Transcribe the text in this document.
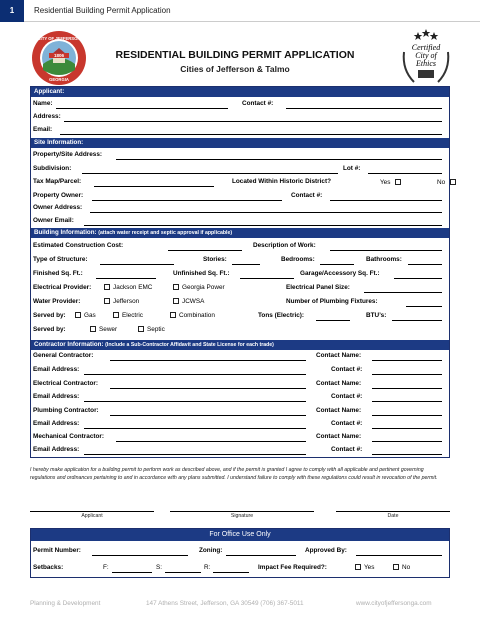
1	Residential Building Permit Application
1806
CITY OF JEFFERSON
GEORGIA
RESIDENTIAL BUILDING PERMIT APPLICATION
Cities of Jefferson & Talmo
Certified
City of
Ethics
Applicant:
Name:	Contact #:
Address:
Email:
Site Information:
Property/Site Address:
Subdivision:	Lot #:
Tax Map/Parcel:	Located Within Historic District?	Yes	No
Property Owner:	Contact #:
Owner Address:
Owner Email:
Building Information: (attach water receipt and septic approval if applicable)
Estimated Construction Cost:	Description of Work:
Type of Structure:	Stories:	Bedrooms:	Bathrooms:
Finished Sq. Ft.:	Unfinished Sq. Ft.:	Garage/Accessory Sq. Ft.:
Electrical Provider:	Jackson EMC	Georgia Power	Electrical Panel Size:
Water Provider:	Jefferson	JCWSA	Number of Plumbing Fixtures:
Served by:	Gas	Electric	Combination	Tons (Electric):	BTU’s:
Served by:	Sewer	Septic
Contractor Information: (Include a Sub-Contractor Affidavit and State License for each trade)
General Contractor:	Contact Name:
Email Address:	Contact #:
Electrical Contractor:	Contact Name:
Email Address:	Contact #:
Plumbing Contractor:	Contact Name:
Email Address:	Contact #:
Mechanical Contractor:	Contact Name:
Email Address:	Contact #:
I hereby make application for a building permit to perform work as described above, and if the permit is granted I agree to comply with all applicable and pertinent governing regulations and ordinances pertaining to and in accordance with any plans submitted. I understand failure to comply with these regulations could result in revocation of the permit.
Applicant	Signature	Date
For Office Use Only
Permit Number:	Zoning:	Approved By:
Setbacks:	F:	S:	R:	Impact Fee Required?:	Yes	No
Planning & Development	147 Athens Street, Jefferson, GA 30549 (706) 367-5011	www.cityofjeffersonga.com
